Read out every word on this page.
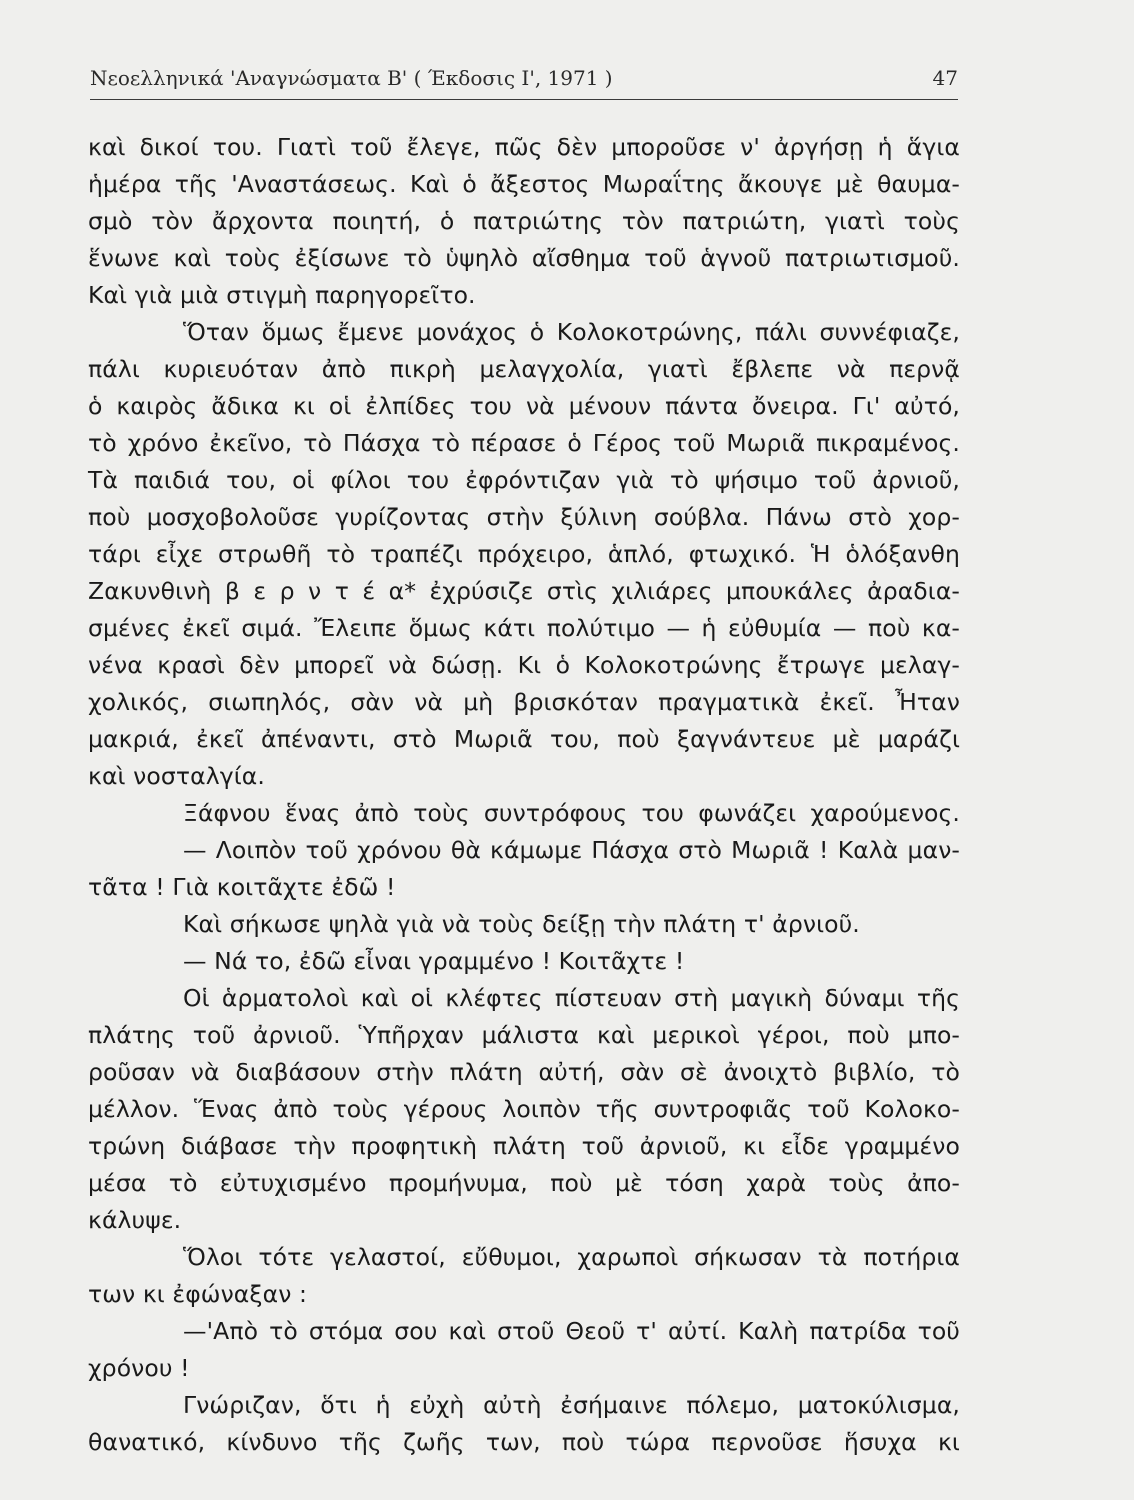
Νεοελληνικά 'Αναγνώσματα Β' ( Έκδοσις Ι', 1971 )	47
καὶ δικοί του. Γιατὶ τοῦ ἔλεγε, πῶς δὲν μποροῦσε ν' ἀργήσῃ ἡ ἅγια
ἡμέρα τῆς 'Αναστάσεως. Καὶ ὁ ἄξεστος Μωραΐτης ἄκουγε μὲ θαυμα-
σμὸ τὸν ἄρχοντα ποιητή, ὁ πατριώτης τὸν πατριώτη, γιατὶ τοὺς
ἕνωνε καὶ τοὺς ἐξίσωνε τὸ ὑψηλὸ αἴσθημα τοῦ ἁγνοῦ πατριωτισμοῦ.
Καὶ γιὰ μιὰ στιγμὴ παρηγορεῖτο.
Ὅταν ὅμως ἔμενε μονάχος ὁ Κολοκοτρώνης, πάλι συννέφιαζε,
πάλι κυριευόταν ἀπὸ πικρὴ μελαγχολία, γιατὶ ἔβλεπε νὰ περνᾷ
ὁ καιρὸς ἄδικα κι οἱ ἐλπίδες του νὰ μένουν πάντα ὄνειρα. Γι' αὐτό,
τὸ χρόνο ἐκεῖνο, τὸ Πάσχα τὸ πέρασε ὁ Γέρος τοῦ Μωριᾶ πικραμένος.
Τὰ παιδιά του, οἱ φίλοι του ἐφρόντιζαν γιὰ τὸ ψήσιμο τοῦ ἀρνιοῦ,
ποὺ μοσχοβολοῦσε γυρίζοντας στὴν ξύλινη σούβλα. Πάνω στὸ χορ-
τάρι εἶχε στρωθῆ τὸ τραπέζι πρόχειρο, ἁπλό, φτωχικό. Ἡ ὁλόξανθη
Ζακυνθινὴ β ε ρ ν τ έ α* ἐχρύσιζε στὶς χιλιάρες μπουκάλες ἀραδια-
σμένες ἐκεῖ σιμά. Ἔλειπε ὅμως κάτι πολύτιμο — ἡ εὐθυμία — ποὺ κα-
νένα κρασὶ δὲν μπορεῖ νὰ δώσῃ. Κι ὁ Κολοκοτρώνης ἔτρωγε μελαγ-
χολικός, σιωπηλός, σὰν νὰ μὴ βρισκόταν πραγματικὰ ἐκεῖ. Ἦταν
μακριά, ἐκεῖ ἀπέναντι, στὸ Μωριᾶ του, ποὺ ξαγνάντευε μὲ μαράζι
καὶ νοσταλγία.
Ξάφνου ἕνας ἀπὸ τοὺς συντρόφους του φωνάζει χαρούμενος.
— Λοιπὸν τοῦ χρόνου θὰ κάμωμε Πάσχα στὸ Μωριᾶ ! Καλὰ μαν-
τᾶτα ! Γιὰ κοιτᾶχτε ἐδῶ !
Καὶ σήκωσε ψηλὰ γιὰ νὰ τοὺς δείξῃ τὴν πλάτη τ' ἀρνιοῦ.
— Νά το, ἐδῶ εἶναι γραμμένο ! Κοιτᾶχτε !
Οἱ ἁρματολοὶ καὶ οἱ κλέφτες πίστευαν στὴ μαγικὴ δύναμι τῆς
πλάτης τοῦ ἀρνιοῦ. Ὑπῆρχαν μάλιστα καὶ μερικοὶ γέροι, ποὺ μπο-
ροῦσαν νὰ διαβάσουν στὴν πλάτη αὐτή, σὰν σὲ ἀνοιχτὸ βιβλίο, τὸ
μέλλον. Ἕνας ἀπὸ τοὺς γέρους λοιπὸν τῆς συντροφιᾶς τοῦ Κολοκο-
τρώνη διάβασε τὴν προφητικὴ πλάτη τοῦ ἀρνιοῦ, κι εἶδε γραμμένο
μέσα τὸ εὐτυχισμένο προμήνυμα, ποὺ μὲ τόση χαρὰ τοὺς ἀπο-
κάλυψε.
Ὅλοι τότε γελαστοί, εὔθυμοι, χαρωποὶ σήκωσαν τὰ ποτήρια
των κι ἐφώναξαν :
—'Απὸ τὸ στόμα σου καὶ στοῦ Θεοῦ τ' αὐτί. Καλὴ πατρίδα τοῦ
χρόνου !
Γνώριζαν, ὅτι ἡ εὐχὴ αὐτὴ ἐσήμαινε πόλεμο, ματοκύλισμα,
θανατικό, κίνδυνο τῆς ζωῆς των, ποὺ τώρα περνοῦσε ἥσυχα κι
